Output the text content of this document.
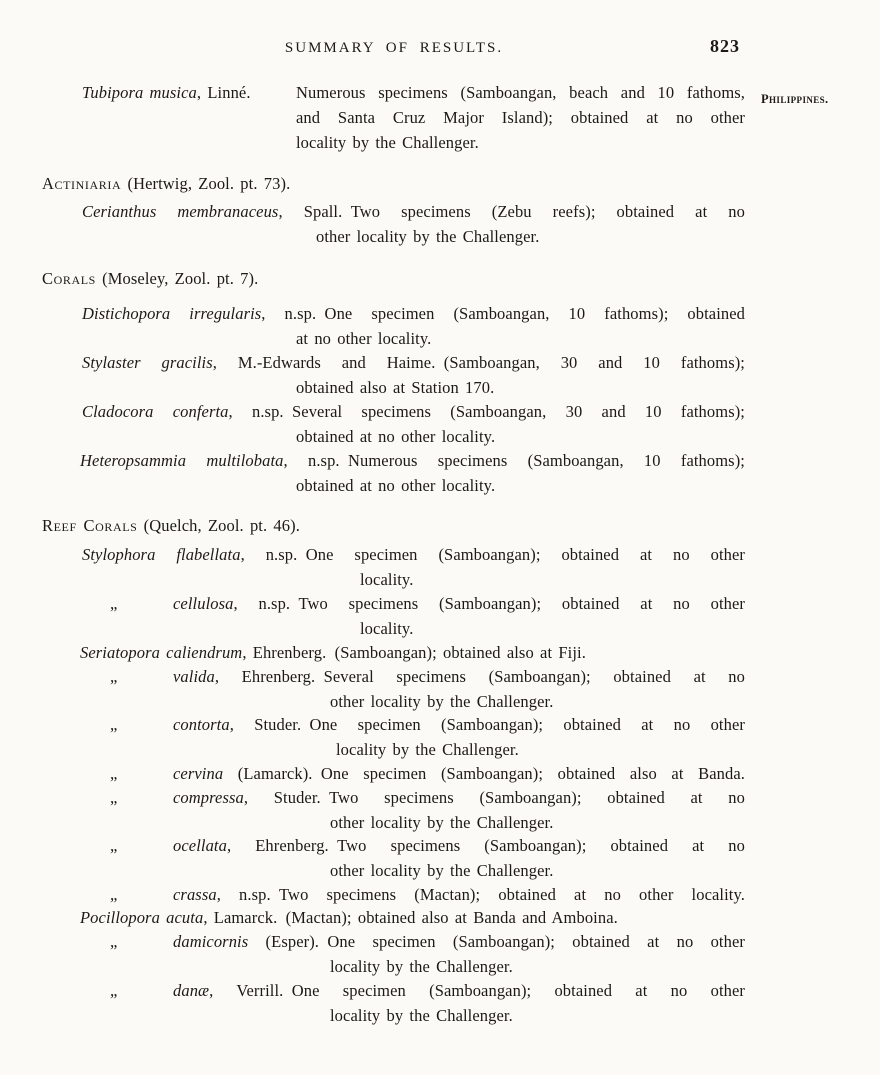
SUMMARY OF RESULTS.	823
Philippines.
Tubipora musica, Linné.	Numerous specimens (Samboangan, beach and 10 fathoms,
and Santa Cruz Major Island); obtained at no other
locality by the Challenger.
Actiniaria (Hertwig, Zool. pt. 73).
Cerianthus membranaceus, Spall. Two specimens (Zebu reefs); obtained at no
other locality by the Challenger.
Corals (Moseley, Zool. pt. 7).
Distichopora irregularis, n.sp. One specimen (Samboangan, 10 fathoms); obtained
at no other locality.
Stylaster gracilis, M.-Edwards and Haime. (Samboangan, 30 and 10 fathoms);
obtained also at Station 170.
Cladocora conferta, n.sp. Several specimens (Samboangan, 30 and 10 fathoms);
obtained at no other locality.
Heteropsammia multilobata, n.sp. Numerous specimens (Samboangan, 10 fathoms);
obtained at no other locality.
Reef Corals (Quelch, Zool. pt. 46).
Stylophora flabellata, n.sp. One specimen (Samboangan); obtained at no other
locality.
„	cellulosa, n.sp. Two specimens (Samboangan); obtained at no other
locality.
Seriatopora caliendrum, Ehrenberg. (Samboangan); obtained also at Fiji.
„	valida, Ehrenberg. Several specimens (Samboangan); obtained at no
other locality by the Challenger.
„	contorta, Studer. One specimen (Samboangan); obtained at no other
locality by the Challenger.
„	cervina (Lamarck). One specimen (Samboangan); obtained also at Banda.
„	compressa, Studer. Two specimens (Samboangan); obtained at no
other locality by the Challenger.
„	ocellata, Ehrenberg. Two specimens (Samboangan); obtained at no
other locality by the Challenger.
„	crassa, n.sp. Two specimens (Mactan); obtained at no other locality.
Pocillopora acuta, Lamarck. (Mactan); obtained also at Banda and Amboina.
„	damicornis (Esper). One specimen (Samboangan); obtained at no other
locality by the Challenger.
„	danæ, Verrill. One specimen (Samboangan); obtained at no other
locality by the Challenger.
